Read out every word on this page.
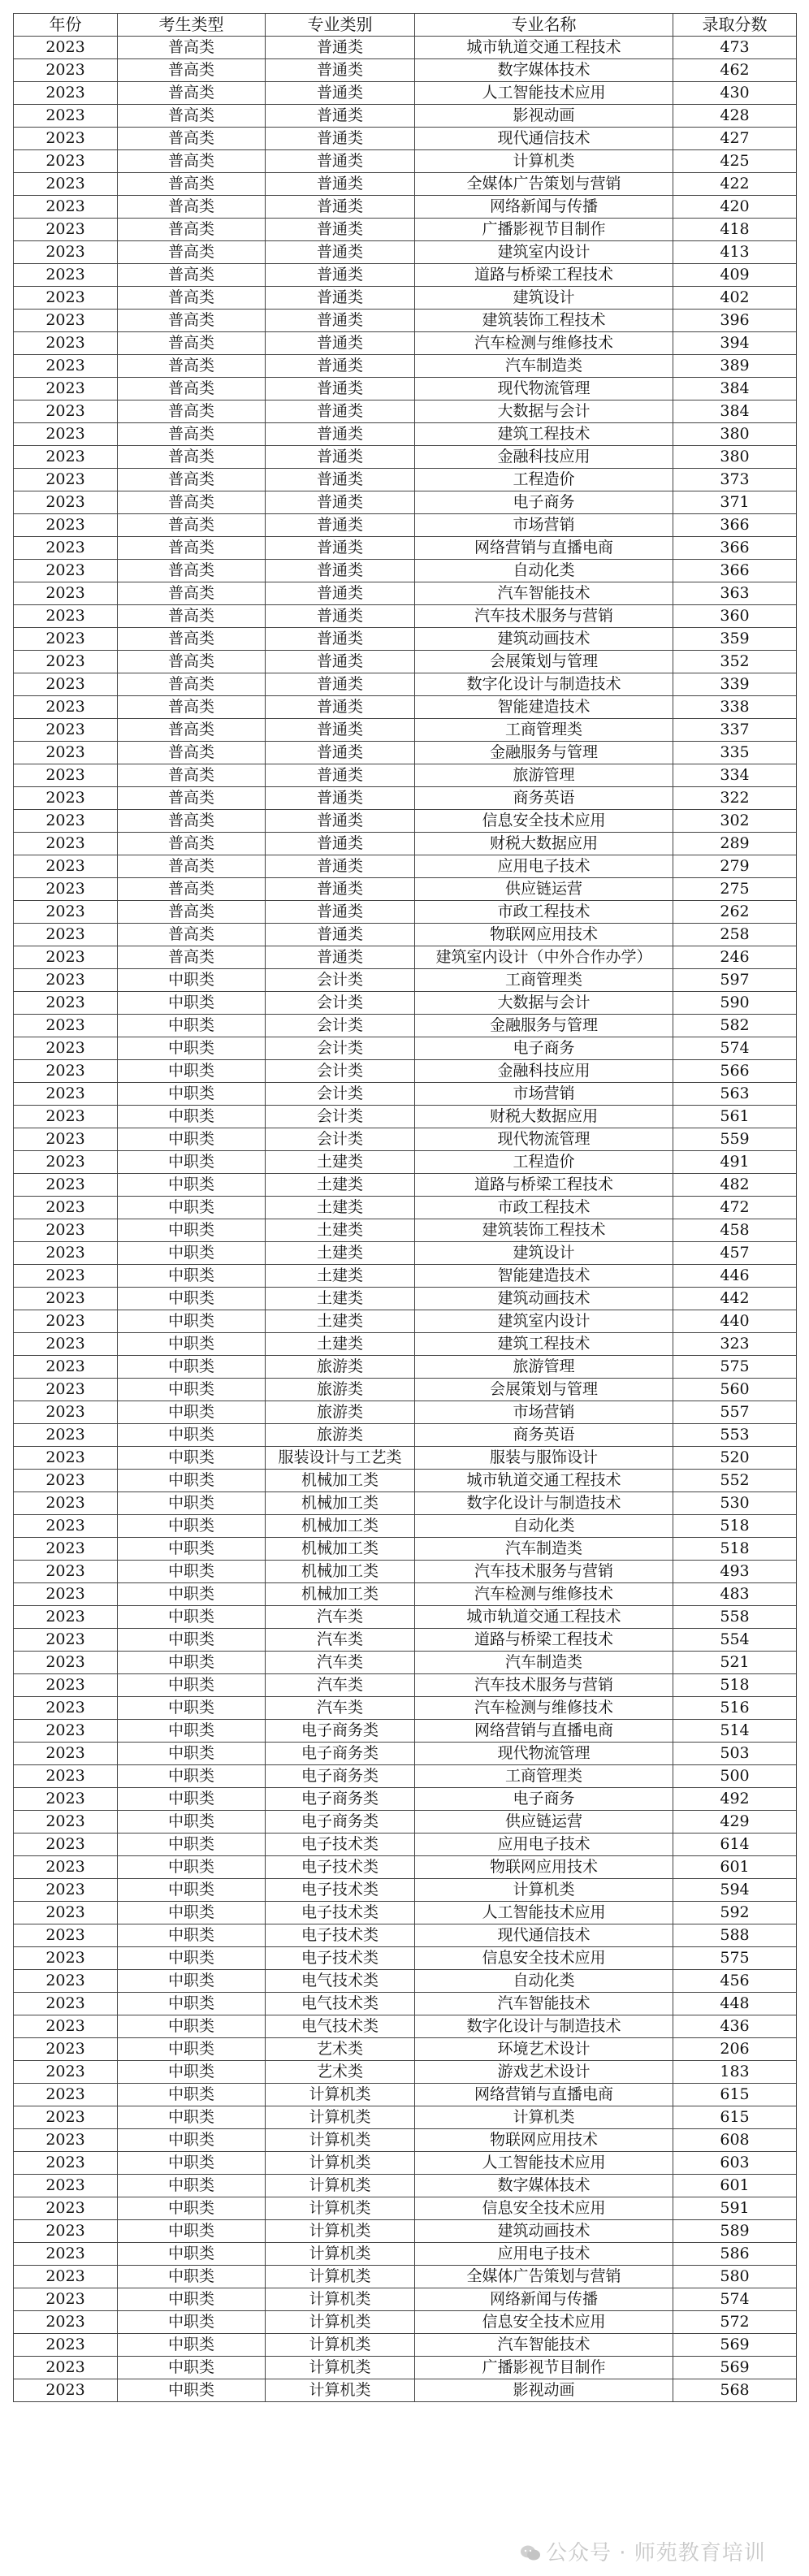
年份	考生类型	专业类别	专业名称	录取分数
2023	普高类	普通类	城市轨道交通工程技术	473
2023	普高类	普通类	数字媒体技术	462
2023	普高类	普通类	人工智能技术应用	430
2023	普高类	普通类	影视动画	428
2023	普高类	普通类	现代通信技术	427
2023	普高类	普通类	计算机类	425
2023	普高类	普通类	全媒体广告策划与营销	422
2023	普高类	普通类	网络新闻与传播	420
2023	普高类	普通类	广播影视节目制作	418
2023	普高类	普通类	建筑室内设计	413
2023	普高类	普通类	道路与桥梁工程技术	409
2023	普高类	普通类	建筑设计	402
2023	普高类	普通类	建筑装饰工程技术	396
2023	普高类	普通类	汽车检测与维修技术	394
2023	普高类	普通类	汽车制造类	389
2023	普高类	普通类	现代物流管理	384
2023	普高类	普通类	大数据与会计	384
2023	普高类	普通类	建筑工程技术	380
2023	普高类	普通类	金融科技应用	380
2023	普高类	普通类	工程造价	373
2023	普高类	普通类	电子商务	371
2023	普高类	普通类	市场营销	366
2023	普高类	普通类	网络营销与直播电商	366
2023	普高类	普通类	自动化类	366
2023	普高类	普通类	汽车智能技术	363
2023	普高类	普通类	汽车技术服务与营销	360
2023	普高类	普通类	建筑动画技术	359
2023	普高类	普通类	会展策划与管理	352
2023	普高类	普通类	数字化设计与制造技术	339
2023	普高类	普通类	智能建造技术	338
2023	普高类	普通类	工商管理类	337
2023	普高类	普通类	金融服务与管理	335
2023	普高类	普通类	旅游管理	334
2023	普高类	普通类	商务英语	322
2023	普高类	普通类	信息安全技术应用	302
2023	普高类	普通类	财税大数据应用	289
2023	普高类	普通类	应用电子技术	279
2023	普高类	普通类	供应链运营	275
2023	普高类	普通类	市政工程技术	262
2023	普高类	普通类	物联网应用技术	258
2023	普高类	普通类	建筑室内设计（中外合作办学）	246
2023	中职类	会计类	工商管理类	597
2023	中职类	会计类	大数据与会计	590
2023	中职类	会计类	金融服务与管理	582
2023	中职类	会计类	电子商务	574
2023	中职类	会计类	金融科技应用	566
2023	中职类	会计类	市场营销	563
2023	中职类	会计类	财税大数据应用	561
2023	中职类	会计类	现代物流管理	559
2023	中职类	土建类	工程造价	491
2023	中职类	土建类	道路与桥梁工程技术	482
2023	中职类	土建类	市政工程技术	472
2023	中职类	土建类	建筑装饰工程技术	458
2023	中职类	土建类	建筑设计	457
2023	中职类	土建类	智能建造技术	446
2023	中职类	土建类	建筑动画技术	442
2023	中职类	土建类	建筑室内设计	440
2023	中职类	土建类	建筑工程技术	323
2023	中职类	旅游类	旅游管理	575
2023	中职类	旅游类	会展策划与管理	560
2023	中职类	旅游类	市场营销	557
2023	中职类	旅游类	商务英语	553
2023	中职类	服装设计与工艺类	服装与服饰设计	520
2023	中职类	机械加工类	城市轨道交通工程技术	552
2023	中职类	机械加工类	数字化设计与制造技术	530
2023	中职类	机械加工类	自动化类	518
2023	中职类	机械加工类	汽车制造类	518
2023	中职类	机械加工类	汽车技术服务与营销	493
2023	中职类	机械加工类	汽车检测与维修技术	483
2023	中职类	汽车类	城市轨道交通工程技术	558
2023	中职类	汽车类	道路与桥梁工程技术	554
2023	中职类	汽车类	汽车制造类	521
2023	中职类	汽车类	汽车技术服务与营销	518
2023	中职类	汽车类	汽车检测与维修技术	516
2023	中职类	电子商务类	网络营销与直播电商	514
2023	中职类	电子商务类	现代物流管理	503
2023	中职类	电子商务类	工商管理类	500
2023	中职类	电子商务类	电子商务	492
2023	中职类	电子商务类	供应链运营	429
2023	中职类	电子技术类	应用电子技术	614
2023	中职类	电子技术类	物联网应用技术	601
2023	中职类	电子技术类	计算机类	594
2023	中职类	电子技术类	人工智能技术应用	592
2023	中职类	电子技术类	现代通信技术	588
2023	中职类	电子技术类	信息安全技术应用	575
2023	中职类	电气技术类	自动化类	456
2023	中职类	电气技术类	汽车智能技术	448
2023	中职类	电气技术类	数字化设计与制造技术	436
2023	中职类	艺术类	环境艺术设计	206
2023	中职类	艺术类	游戏艺术设计	183
2023	中职类	计算机类	网络营销与直播电商	615
2023	中职类	计算机类	计算机类	615
2023	中职类	计算机类	物联网应用技术	608
2023	中职类	计算机类	人工智能技术应用	603
2023	中职类	计算机类	数字媒体技术	601
2023	中职类	计算机类	信息安全技术应用	591
2023	中职类	计算机类	建筑动画技术	589
2023	中职类	计算机类	应用电子技术	586
2023	中职类	计算机类	全媒体广告策划与营销	580
2023	中职类	计算机类	网络新闻与传播	574
2023	中职类	计算机类	信息安全技术应用	572
2023	中职类	计算机类	汽车智能技术	569
2023	中职类	计算机类	广播影视节目制作	569
2023	中职类	计算机类	影视动画	568
公众号 · 师苑教育培训
